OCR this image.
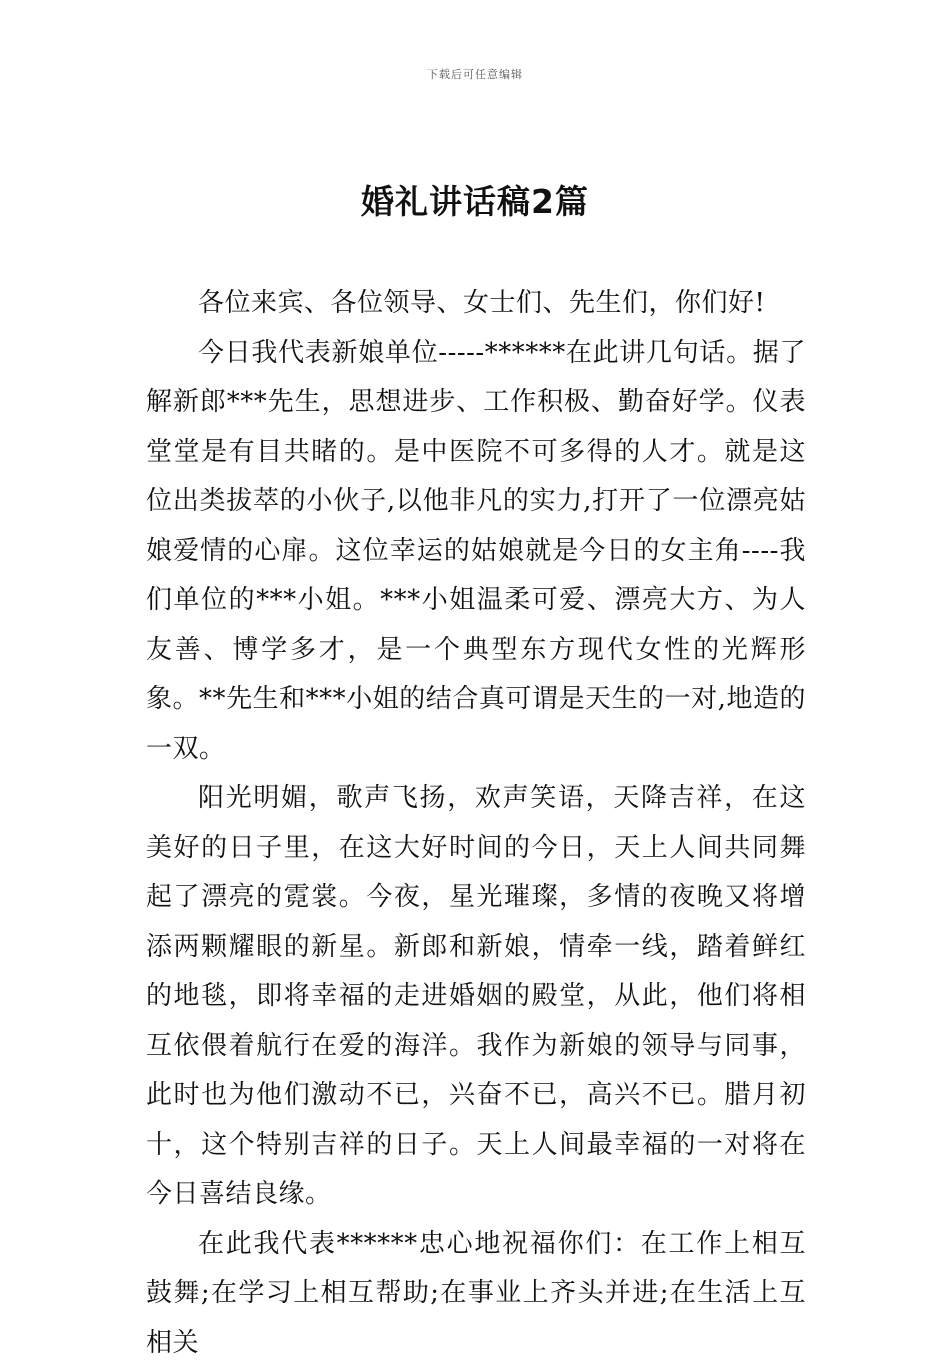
下载后可任意编辑
婚礼讲话稿2篇

各位来宾、各位领导、女士们、先生们，你们好!

今日我代表新娘单位-----******在此讲几句话。据了解新郎***先生，思想进步、工作积极、勤奋好学。仪表堂堂是有目共睹的。是中医院不可多得的人才。就是这位出类拔萃的小伙子,以他非凡的实力,打开了一位漂亮姑娘爱情的心扉。这位幸运的姑娘就是今日的女主角----我们单位的***小姐。***小姐温柔可爱、漂亮大方、为人友善、博学多才，是一个典型东方现代女性的光辉形象。**先生和***小姐的结合真可谓是天生的一对,地造的一双。

阳光明媚，歌声飞扬，欢声笑语，天降吉祥，在这美好的日子里，在这大好时间的今日，天上人间共同舞起了漂亮的霓裳。今夜，星光璀璨，多情的夜晚又将增添两颗耀眼的新星。新郎和新娘，情牵一线，踏着鲜红的地毯，即将幸福的走进婚姻的殿堂，从此，他们将相互依偎着航行在爱的海洋。我作为新娘的领导与同事，此时也为他们激动不已，兴奋不已，高兴不已。腊月初十，这个特别吉祥的日子。天上人间最幸福的一对将在今日喜结良缘。

在此我代表******忠心地祝福你们：在工作上相互鼓舞;在学习上相互帮助;在事业上齐头并进;在生活上互相关
